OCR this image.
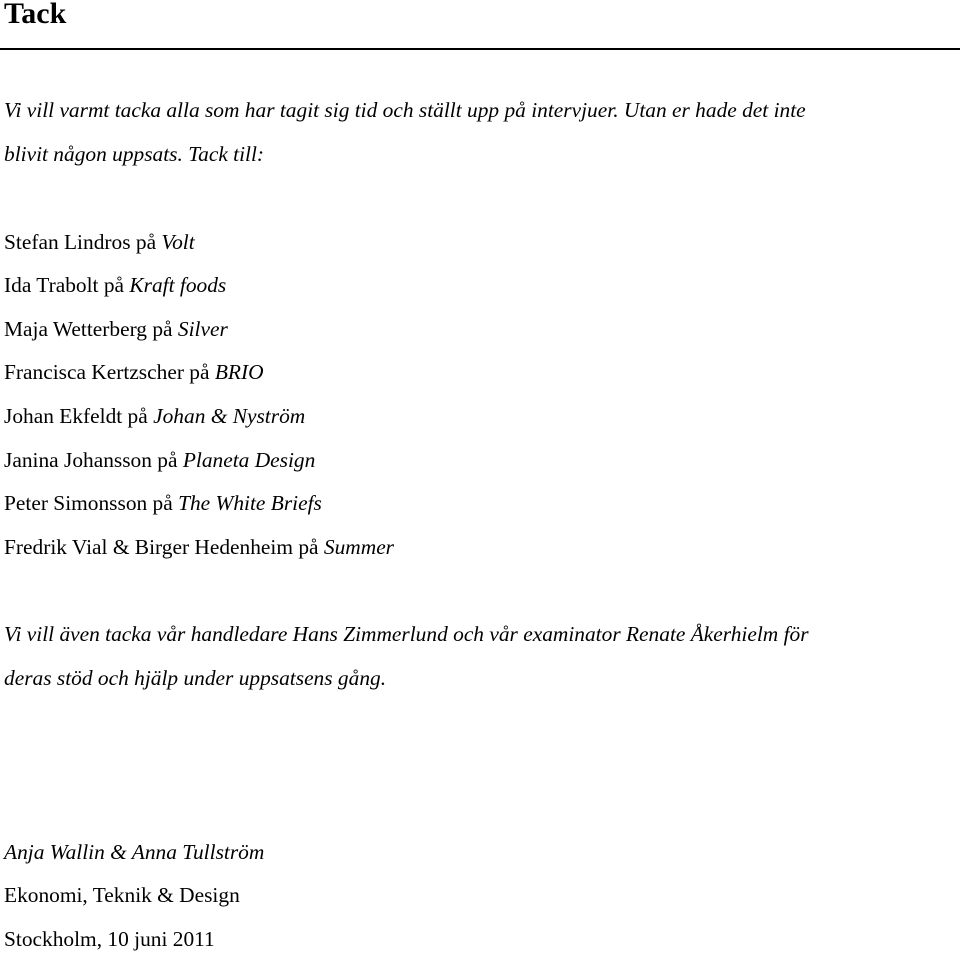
Tack
Vi vill varmt tacka alla som har tagit sig tid och ställt upp på intervjuer. Utan er hade det inte
blivit någon uppsats. Tack till:
Stefan Lindros på Volt
Ida Trabolt på Kraft foods
Maja Wetterberg på Silver
Francisca Kertzscher på BRIO
Johan Ekfeldt på Johan & Nyström
Janina Johansson på Planeta Design
Peter Simonsson på The White Briefs
Fredrik Vial & Birger Hedenheim på Summer
Vi vill även tacka vår handledare Hans Zimmerlund och vår examinator Renate Åkerhielm för
deras stöd och hjälp under uppsatsens gång.
Anja Wallin & Anna Tullström
Ekonomi, Teknik & Design
Stockholm, 10 juni 2011
